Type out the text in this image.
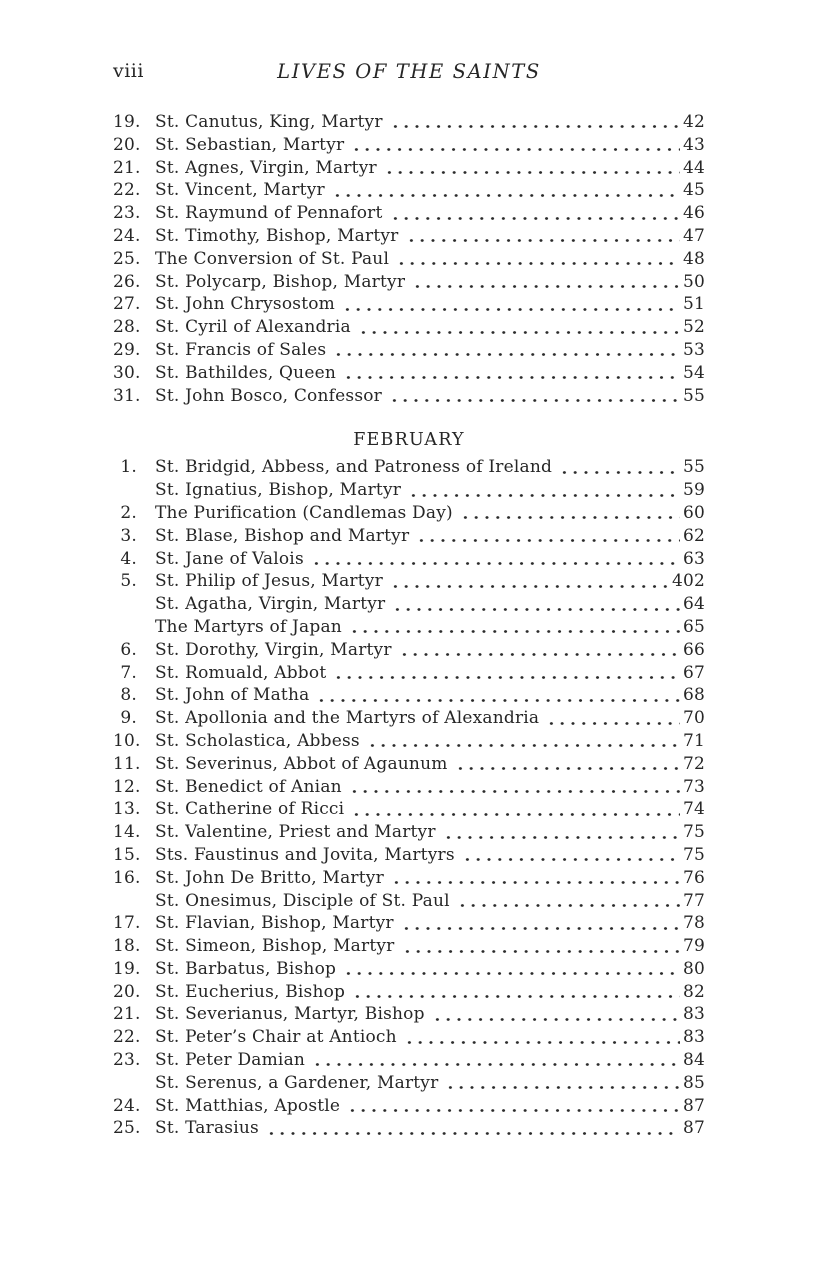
viii	LIVES OF THE SAINTS
19. St. Canutus, King, Martyr	42
20. St. Sebastian, Martyr	43
21. St. Agnes, Virgin, Martyr	44
22. St. Vincent, Martyr	45
23. St. Raymund of Pennafort	46
24. St. Timothy, Bishop, Martyr	47
25. The Conversion of St. Paul	48
26. St. Polycarp, Bishop, Martyr	50
27. St. John Chrysostom	51
28. St. Cyril of Alexandria	52
29. St. Francis of Sales	53
30. St. Bathildes, Queen	54
31. St. John Bosco, Confessor	55
FEBRUARY
1. St. Bridgid, Abbess, and Patroness of Ireland	55
St. Ignatius, Bishop, Martyr	59
2. The Purification (Candlemas Day)	60
3. St. Blase, Bishop and Martyr	62
4. St. Jane of Valois	63
5. St. Philip of Jesus, Martyr	402
St. Agatha, Virgin, Martyr	64
The Martyrs of Japan	65
6. St. Dorothy, Virgin, Martyr	66
7. St. Romuald, Abbot	67
8. St. John of Matha	68
9. St. Apollonia and the Martyrs of Alexandria	70
10. St. Scholastica, Abbess	71
11. St. Severinus, Abbot of Agaunum	72
12. St. Benedict of Anian	73
13. St. Catherine of Ricci	74
14. St. Valentine, Priest and Martyr	75
15. Sts. Faustinus and Jovita, Martyrs	75
16. St. John De Britto, Martyr	76
St. Onesimus, Disciple of St. Paul	77
17. St. Flavian, Bishop, Martyr	78
18. St. Simeon, Bishop, Martyr	79
19. St. Barbatus, Bishop	80
20. St. Eucherius, Bishop	82
21. St. Severianus, Martyr, Bishop	83
22. St. Peter’s Chair at Antioch	83
23. St. Peter Damian	84
St. Serenus, a Gardener, Martyr	85
24. St. Matthias, Apostle	87
25. St. Tarasius	87
